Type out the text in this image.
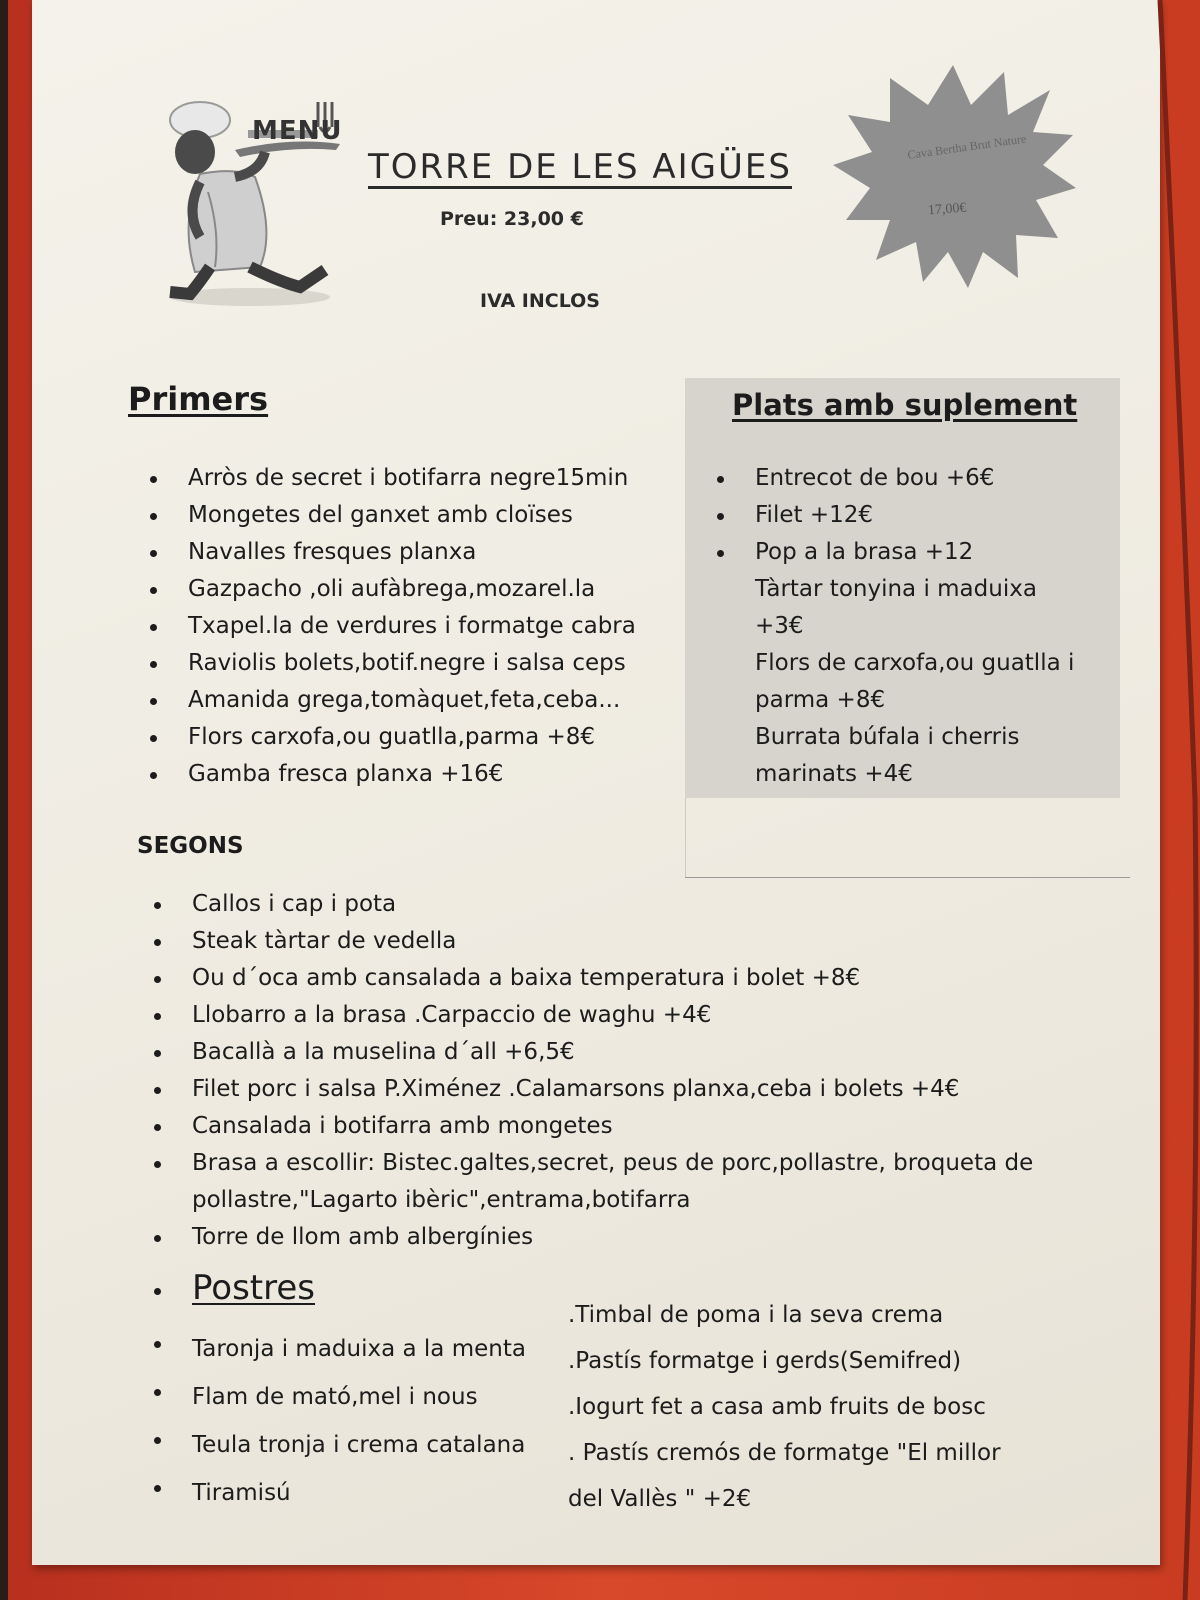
MENU
TORRE DE LES AIGÜES
Preu: 23,00 €
IVA INCLOS
Cava Bertha Brut Nature
17,00€
Primers
Arròs de secret i botifarra negre15min
Mongetes del ganxet amb cloïses
Navalles fresques planxa
Gazpacho ,oli aufàbrega,mozarel.la
Txapel.la de verdures i formatge cabra
Raviolis bolets,botif.negre i salsa ceps
Amanida grega,tomàquet,feta,ceba...
Flors carxofa,ou guatlla,parma +8€
Gamba fresca planxa +16€
Plats amb suplement
Entrecot de bou +6€
Filet +12€
Pop a la brasa +12
Tàrtar tonyina i maduixa
+3€
Flors de carxofa,ou guatlla i
parma +8€
Burrata búfala i cherris
marinats +4€
SEGONS
Callos i cap i pota
Steak tàrtar de vedella
Ou d´oca amb cansalada a baixa temperatura i bolet +8€
Llobarro a la brasa .Carpaccio de waghu +4€
Bacallà a la muselina d´all +6,5€
Filet porc i salsa P.Ximénez .Calamarsons planxa,ceba i bolets +4€
Cansalada i botifarra amb mongetes
Brasa a escollir: Bistec.galtes,secret, peus de porc,pollastre, broqueta de pollastre,"Lagarto ibèric",entrama,botifarra
Torre de llom amb albergínies
Postres
Taronja i maduixa a la menta
Flam de mató,mel i nous
Teula tronja i crema catalana
Tiramisú
.Timbal de poma i la seva crema
.Pastís formatge i gerds(Semifred)
.Iogurt fet a casa amb fruits de bosc
. Pastís cremós de formatge "El millor
del Vallès " +2€
